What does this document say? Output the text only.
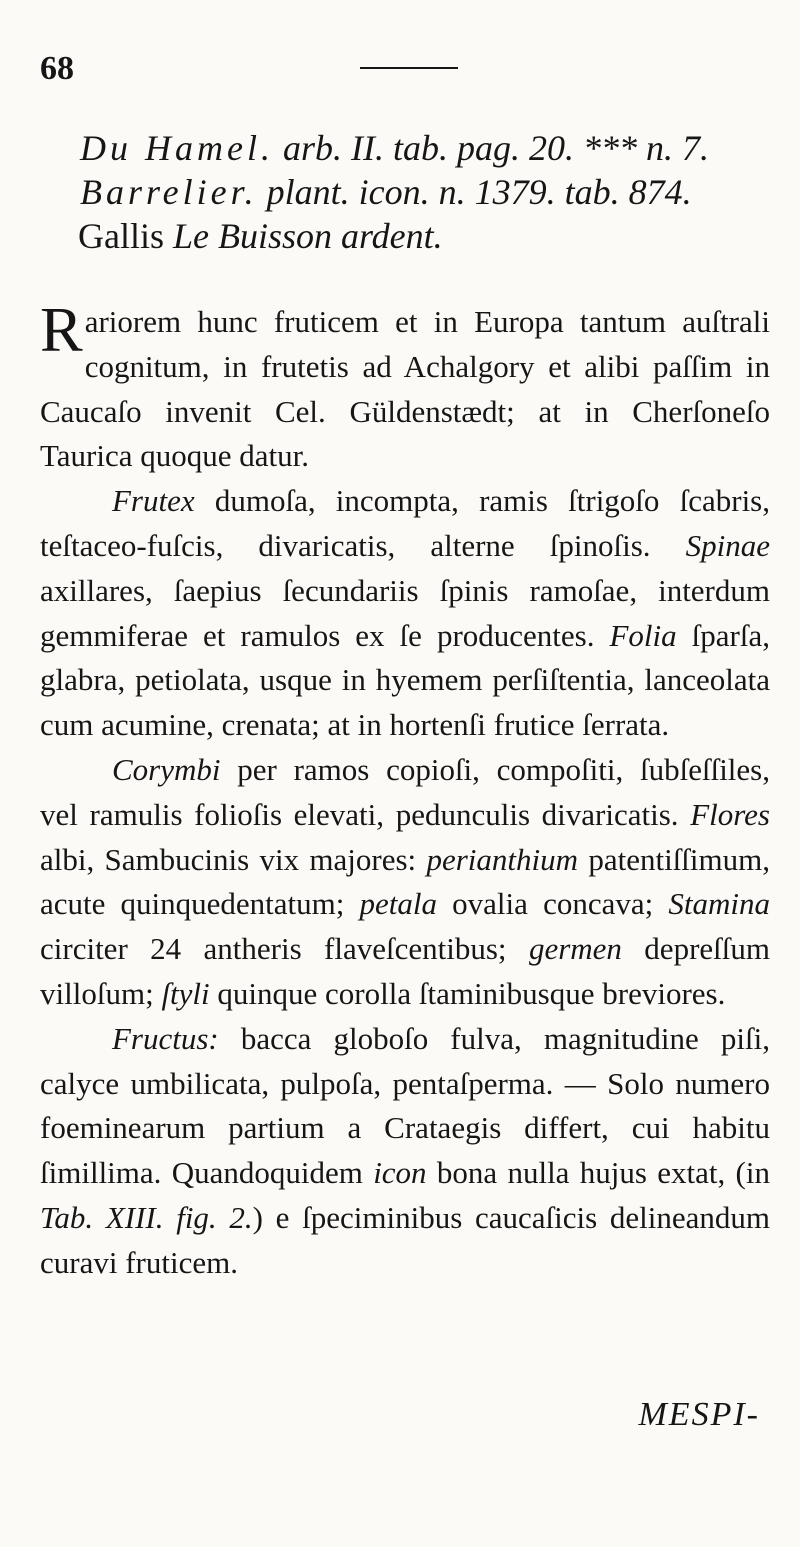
68
Du Hamel. arb. II. tab. pag. 20. *** n. 7.
Barrelier. plant. icon. n. 1379. tab. 874.
Gallis Le Buisson ardent.

Rariorem hunc fruticem et in Europa tantum auſtrali cognitum, in frutetis ad Achalgory et alibi paſſim in Caucaſo invenit Cel. Güldenstædt; at in Cherſoneſo Taurica quoque datur.

Frutex dumoſa, incompta, ramis ſtrigoſo ſcabris, teſtaceo-fuſcis, divaricatis, alterne ſpinoſis. Spinae axillares, ſaepius ſecundariis ſpinis ramoſae, interdum gemmiferae et ramulos ex ſe producentes. Folia ſparſa, glabra, petiolata, usque in hyemem perſiſtentia, lanceolata cum acumine, crenata; at in hortenſi frutice ſerrata.

Corymbi per ramos copioſi, compoſiti, ſubſeſſiles, vel ramulis folioſis elevati, pedunculis divaricatis. Flores albi, Sambucinis vix majores: perianthium patentiſſimum, acute quinquedentatum; petala ovalia concava; Stamina circiter 24 antheris flaveſcentibus; germen depreſſum villoſum; ſtyli quinque corolla ſtaminibusque breviores.

Fructus: bacca globoſo fulva, magnitudine piſi, calyce umbilicata, pulpoſa, pentaſperma. — Solo numero foeminearum partium a Crataegis differt, cui habitu ſimillima. Quandoquidem icon bona nulla hujus extat, (in Tab. XIII. fig. 2.) e ſpeciminibus caucaſicis delineandum curavi fruticem.

MESPI-
